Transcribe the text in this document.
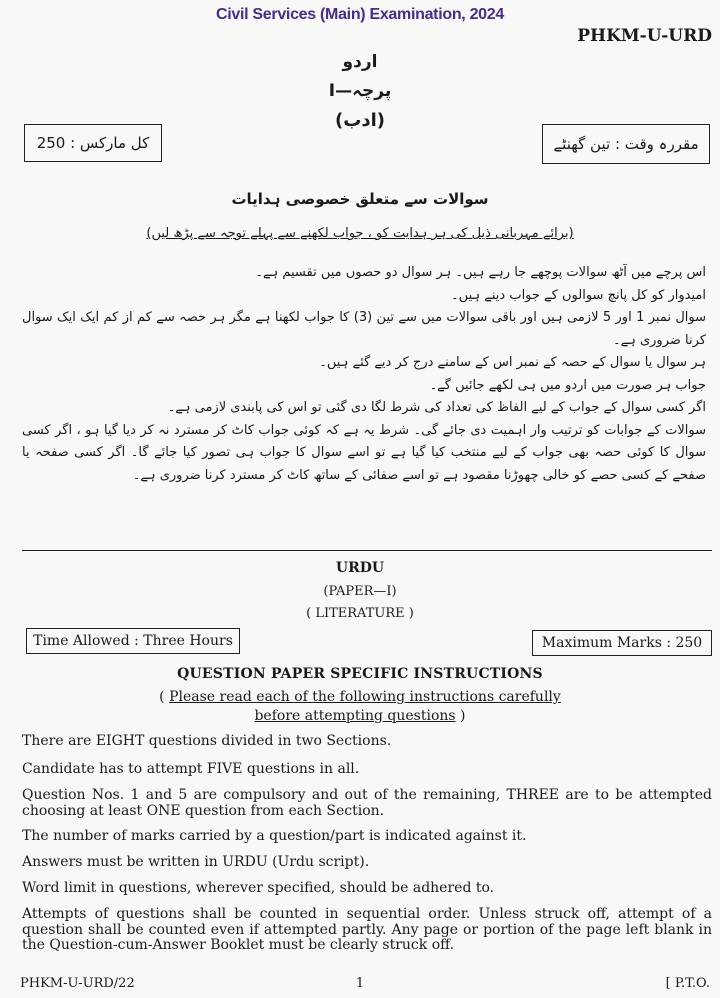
Civil Services (Main) Examination, 2024
PHKM-U-URD
اردو
پرچہ—I
(ادب)
کل مارکس : 250	مقررہ وقت : تین گھنٹے
سوالات سے متعلق خصوصی ہدایات
(برائے مہربانی ذیل کی ہر ہدایت کو ، جواب لکھنے سے پہلے توجہ سے پڑھ لیں)
اس پرچے میں آٹھ سوالات پوچھے جا رہے ہیں۔ ہر سوال دو حصوں میں تقسیم ہے۔
امیدوار کو کل پانچ سوالوں کے جواب دینے ہیں۔
سوال نمبر 1 اور 5 لازمی ہیں اور باقی سوالات میں سے تین (3) کا جواب لکھنا ہے مگر ہر حصہ سے کم از کم ایک ایک سوال کرنا ضروری ہے۔
ہر سوال یا سوال کے حصہ کے نمبر اس کے سامنے درج کر دیے گئے ہیں۔
جواب ہر صورت میں اردو میں ہی لکھے جائیں گے۔
اگر کسی سوال کے جواب کے لیے الفاظ کی تعداد کی شرط لگا دی گئی تو اس کی پابندی لازمی ہے۔
سوالات کے جوابات کو ترتیب وار اہمیت دی جائے گی۔ شرط یہ ہے کہ کوئی جواب کاٹ کر مسترد نہ کر دیا گیا ہو ، اگر کسی سوال کا کوئی حصہ بھی جواب کے لیے منتخب کیا گیا ہے تو اسے سوال کا جواب ہی تصور کیا جائے گا۔ اگر کسی صفحہ یا صفحے کے کسی حصے کو خالی چھوڑنا مقصود ہے تو اسے صفائی کے ساتھ کاٹ کر مسترد کرنا ضروری ہے۔
URDU
(PAPER—I)
( LITERATURE )
Time Allowed : Three Hours	Maximum Marks : 250
QUESTION PAPER SPECIFIC INSTRUCTIONS
( Please read each of the following instructions carefully
before attempting questions )
There are EIGHT questions divided in two Sections.
Candidate has to attempt FIVE questions in all.

Question Nos. 1 and 5 are compulsory and out of the remaining, THREE are to be attempted choosing at least ONE question from each Section.

The number of marks carried by a question/part is indicated against it.
Answers must be written in URDU (Urdu script).
Word limit in questions, wherever specified, should be adhered to.

Attempts of questions shall be counted in sequential order. Unless struck off, attempt of a question shall be counted even if attempted partly. Any page or portion of the page left blank in the Question-cum-Answer Booklet must be clearly struck off.

PHKM-U-URD/22	1	[ P.T.O.
